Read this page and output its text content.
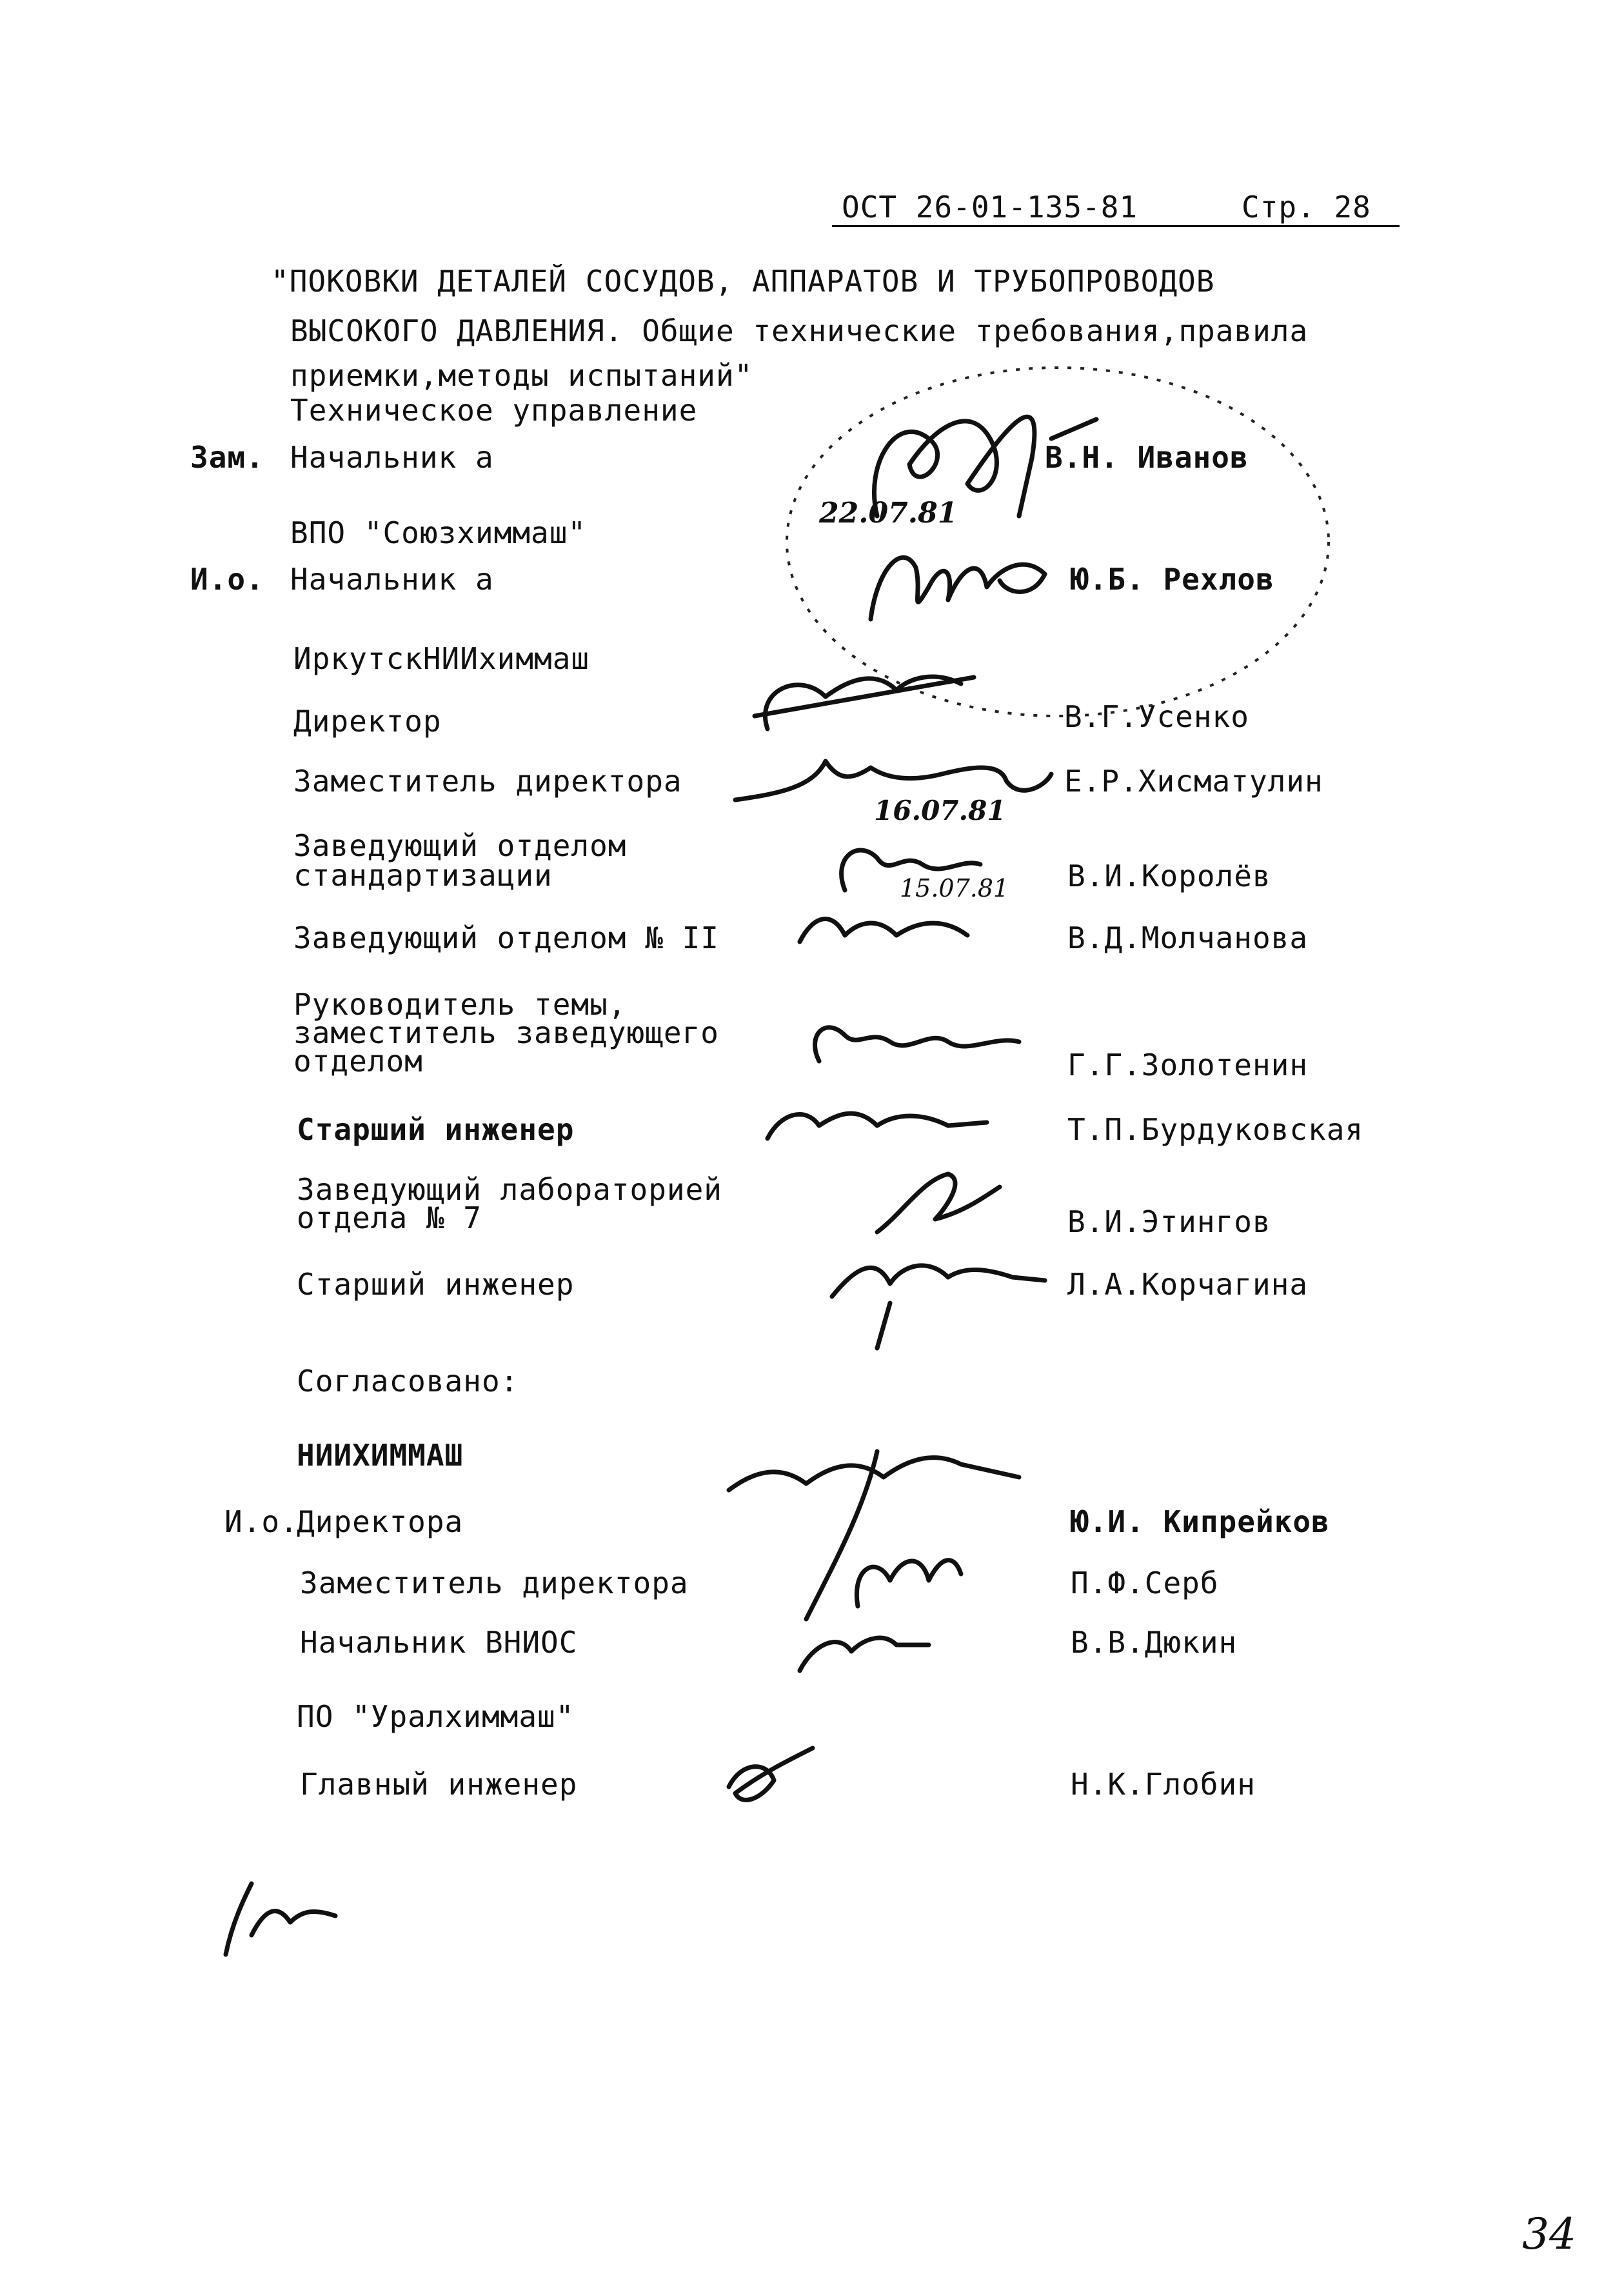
ОСТ 26-01-135-81	Стр. 28
"ПОКОВКИ ДЕТАЛЕЙ СОСУДОВ, АППАРАТОВ И ТРУБОПРОВОДОВ
ВЫСОКОГО ДАВЛЕНИЯ. Общие технические требования,правила
приемки,методы испытаний"
Техническое управление
Зам. Начальник а	В.Н. Иванов
ВПО "Союзхиммаш"
И.о. Начальник а	Ю.Б. Рехлов
ИркутскНИИхиммаш
Директор	В.Г.Усенко
Заместитель директора	Е.Р.Хисматулин
Заведующий отделом
стандартизации	В.И.Королёв
Заведующий отделом № II	В.Д.Молчанова
Руководитель темы,
заместитель заведующего
отделом	Г.Г.Золотенин
Старший инженер	Т.П.Бурдуковская
Заведующий лабораторией
отдела № 7	В.И.Этингов
Старший инженер	Л.А.Корчагина
Согласовано:
НИИХИММАШ
И.о.
Директора	Ю.И. Кипрейков
Заместитель директора	П.Ф.Серб
Начальник ВНИОС	В.В.Дюкин
ПО "Уралхиммаш"
Главный инженер	Н.К.Глобин
22.07.81
16.07.81
15.07.81
34
